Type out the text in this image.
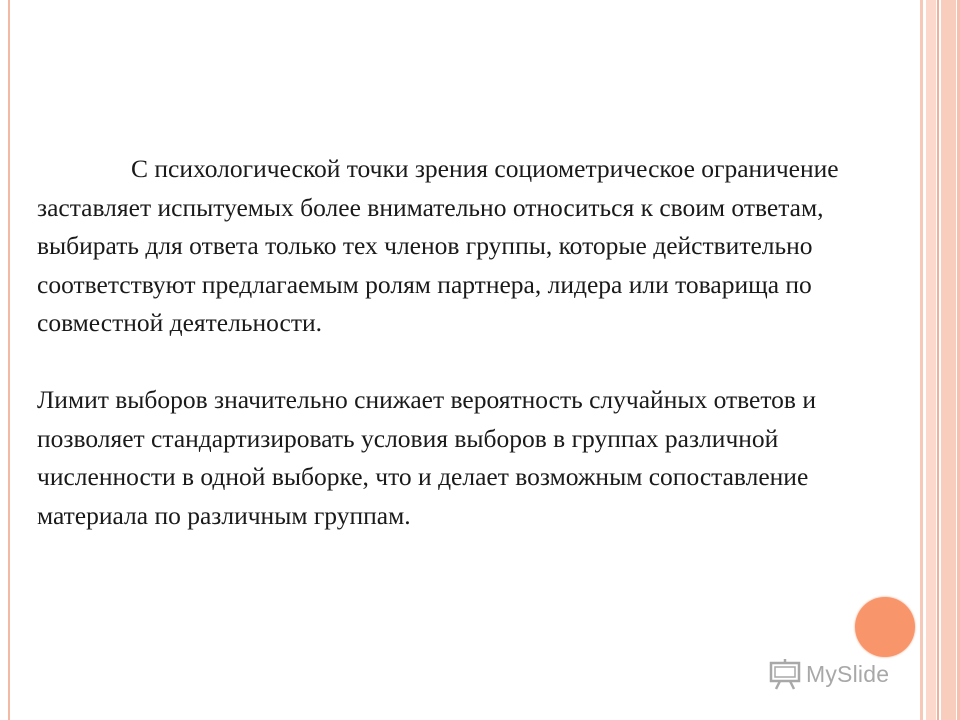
С психологической точки зрения социометрическое ограничение заставляет испытуемых более внимательно относиться к своим ответам, выбирать для ответа только тех членов группы, которые действительно соответствуют предлагаемым ролям партнера, лидера или товарища по совместной деятельности.

Лимит выборов значительно снижает вероятность случайных ответов и позволяет стандартизировать условия выборов в группах различной численности в одной выборке, что и делает возможным сопоставление материала по различным группам.

MySlide
